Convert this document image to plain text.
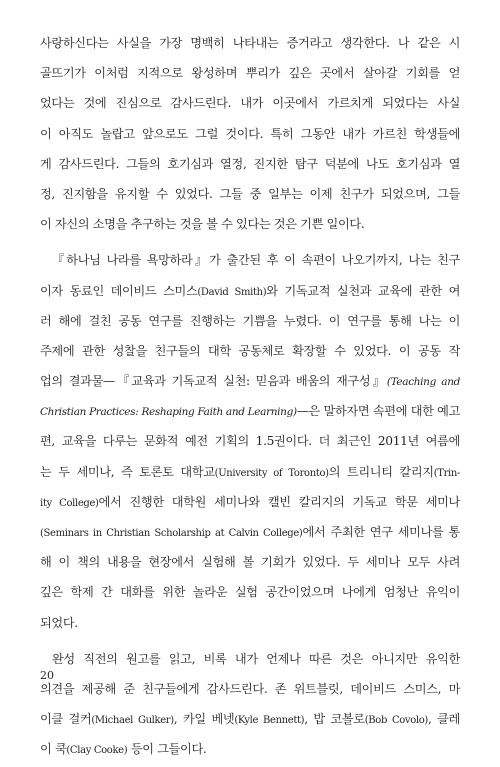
사랑하신다는 사실을 가장 명백히 나타내는 증거라고 생각한다. 나 같은 시
골뜨기가 이처럼 지적으로 왕성하며 뿌리가 깊은 곳에서 살아갈 기회를 얻
었다는 것에 진심으로 감사드린다. 내가 이곳에서 가르치게 되었다는 사실
이 아직도 놀랍고 앞으로도 그럴 것이다. 특히 그동안 내가 가르친 학생들에
게 감사드린다. 그들의 호기심과 열정, 진지한 탐구 덕분에 나도 호기심과 열
정, 진지함을 유지할 수 있었다. 그들 중 일부는 이제 친구가 되었으며, 그들
이 자신의 소명을 추구하는 것을 볼 수 있다는 것은 기쁜 일이다.
『하나님 나라를 욕망하라』가 출간된 후 이 속편이 나오기까지, 나는 친구
이자 동료인 데이비드 스미스(David Smith)와 기독교적 실천과 교육에 관한 여
러 해에 걸친 공동 연구를 진행하는 기쁨을 누렸다. 이 연구를 통해 나는 이
주제에 관한 성찰을 친구들의 대학 공동체로 확장할 수 있었다. 이 공동 작
업의 결과물—『교육과 기독교적 실천: 믿음과 배움의 재구성』(Teaching and
Christian Practices: Reshaping Faith and Learning)—은 말하자면 속편에 대한 예고
편, 교육을 다루는 문화적 예전 기획의 1.5권이다. 더 최근인 2011년 여름에
는 두 세미나, 즉 토론토 대학교(University of Toronto)의 트리니티 칼리지(Trin-
ity College)에서 진행한 대학원 세미나와 캘빈 칼리지의 기독교 학문 세미나
(Seminars in Christian Scholarship at Calvin College)에서 주최한 연구 세미나를 통
해 이 책의 내용을 현장에서 실험해 볼 기회가 있었다. 두 세미나 모두 사려
깊은 학제 간 대화를 위한 놀라운 실험 공간이었으며 나에게 엄청난 유익이
되었다.
완성 직전의 원고를 읽고, 비록 내가 언제나 따른 것은 아니지만 유익한
의견을 제공해 준 친구들에게 감사드린다. 존 위트블릿, 데이비드 스미스, 마
이클 걸커(Michael Gulker), 카일 베넷(Kyle Bennett), 밥 코볼로(Bob Covolo), 클레
이 쿡(Clay Cooke) 등이 그들이다.
20
